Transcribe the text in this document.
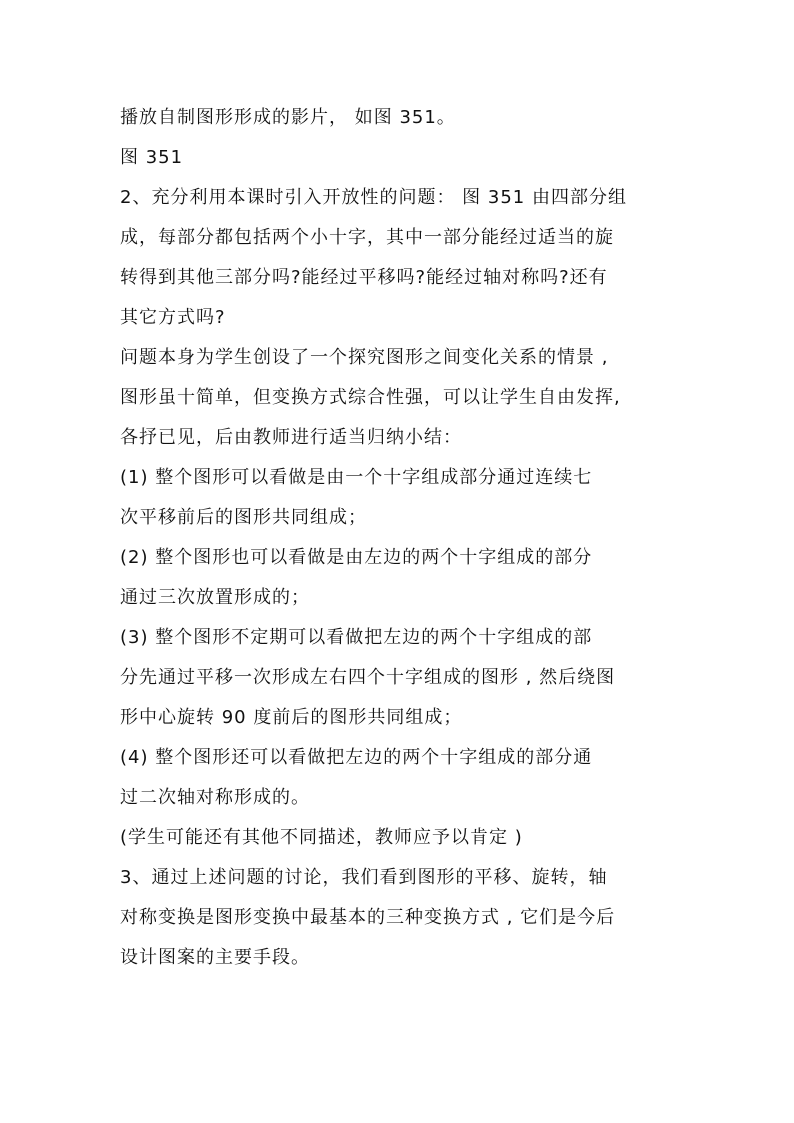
播放自制图形形成的影片， 如图 351。
图 351
2、充分利用本课时引入开放性的问题： 图 351 由四部分组
成，每部分都包括两个小十字，其中一部分能经过适当的旋
转得到其他三部分吗?能经过平移吗?能经过轴对称吗?还有
其它方式吗?
问题本身为学生创设了一个探究图形之间变化关系的情景 ,
图形虽十简单，但变换方式综合性强，可以让学生自由发挥,
各抒已见，后由教师进行适当归纳小结：
(1) 整个图形可以看做是由一个十字组成部分通过连续七
次平移前后的图形共同组成；
(2) 整个图形也可以看做是由左边的两个十字组成的部分
通过三次放置形成的；
(3) 整个图形不定期可以看做把左边的两个十字组成的部
分先通过平移一次形成左右四个十字组成的图形 , 然后绕图
形中心旋转 90 度前后的图形共同组成；
(4) 整个图形还可以看做把左边的两个十字组成的部分通
过二次轴对称形成的。
(学生可能还有其他不同描述，教师应予以肯定 )
3、通过上述问题的讨论，我们看到图形的平移、旋转，轴
对称变换是图形变换中最基本的三种变换方式 , 它们是今后
设计图案的主要手段。
